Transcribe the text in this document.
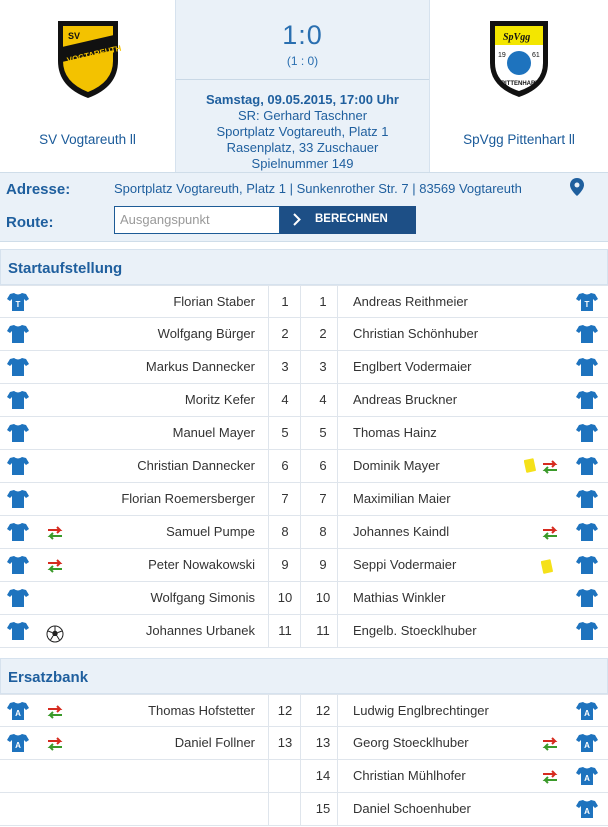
SV
VOGTAREUTH
SV Vogtareuth ll
1:0
(1 : 0)
Samstag, 09.05.2015, 17:00 Uhr
SR: Gerhard Taschner
Sportplatz Vogtareuth, Platz 1
Rasenplatz, 33 Zuschauer
Spielnummer 149
SpVgg
19	61
PITTENHART
SpVgg Pittenhart ll
Adresse:	Sportplatz Vogtareuth, Platz 1 | Sunkenrother Str. 7 | 83569 Vogtareuth
Route:	Ausgangspunkt	BERECHNEN
Startaufstellung
T	Florian Staber	1	1	Andreas Reithmeier	T
Wolfgang Bürger	2	2	Christian Schönhuber
Markus Dannecker	3	3	Englbert Vodermaier
Moritz Kefer	4	4	Andreas Bruckner
Manuel Mayer	5	5	Thomas Hainz
Christian Dannecker	6	6	Dominik Mayer
Florian Roemersberger	7	7	Maximilian Maier
Samuel Pumpe	8	8	Johannes Kaindl
Peter Nowakowski	9	9	Seppi Vodermaier
Wolfgang Simonis	10	10	Mathias Winkler
Johannes Urbanek	11	11	Engelb. Stoecklhuber
Ersatzbank
A	Thomas Hofstetter	12	12	Ludwig Englbrechtinger	A
A	Daniel Follner	13	13	Georg Stoecklhuber	A
14	Christian Mühlhofer	A
15	Daniel Schoenhuber	A
